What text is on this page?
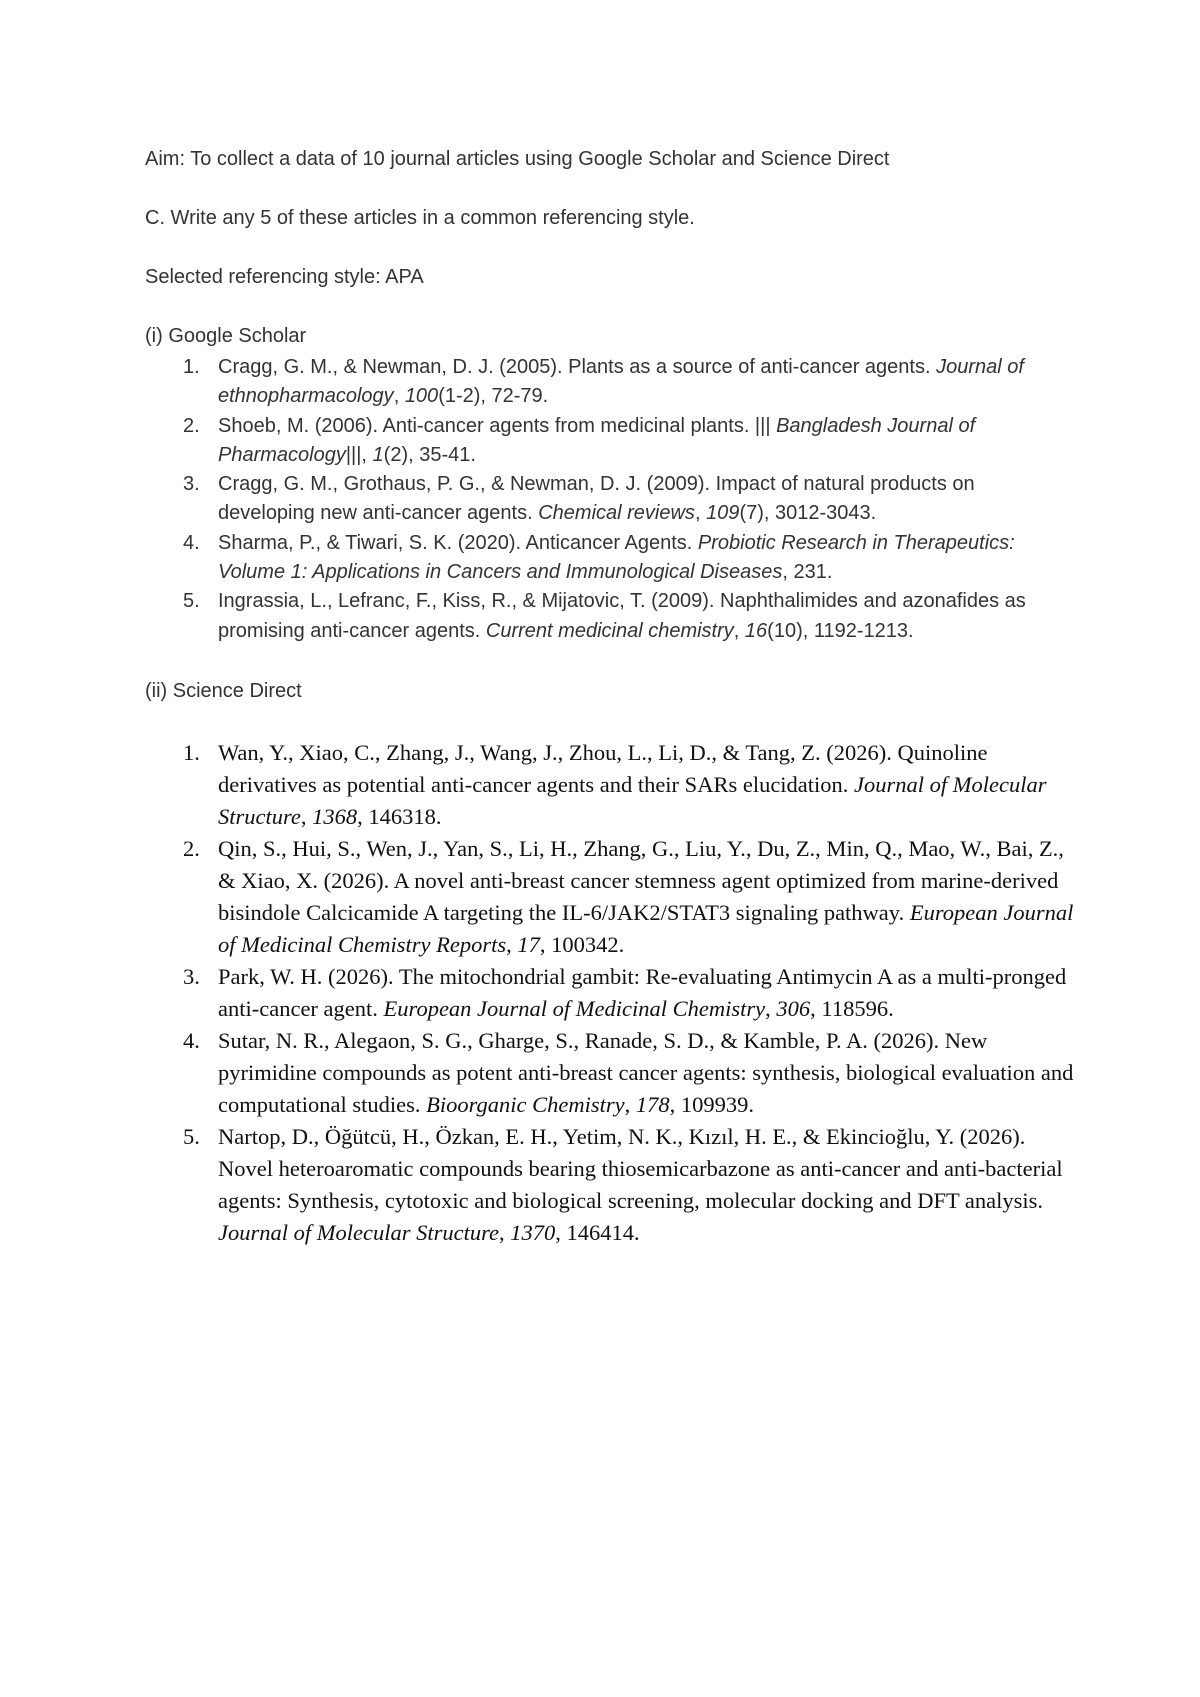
Aim: To collect a data of 10 journal articles using Google Scholar and Science Direct

C. Write any 5 of these articles in a common referencing style.

Selected referencing style: APA

(i) Google Scholar

1. Cragg, G. M., & Newman, D. J. (2005). Plants as a source of anti-cancer agents. Journal of ethnopharmacology, 100(1-2), 72-79.
2. Shoeb, M. (2006). Anti-cancer agents from medicinal plants. ||| Bangladesh Journal of Pharmacology|||, 1(2), 35-41.
3. Cragg, G. M., Grothaus, P. G., & Newman, D. J. (2009). Impact of natural products on developing new anti-cancer agents. Chemical reviews, 109(7), 3012-3043.
4. Sharma, P., & Tiwari, S. K. (2020). Anticancer Agents. Probiotic Research in Therapeutics: Volume 1: Applications in Cancers and Immunological Diseases, 231.
5. Ingrassia, L., Lefranc, F., Kiss, R., & Mijatovic, T. (2009). Naphthalimides and azonafides as promising anti-cancer agents. Current medicinal chemistry, 16(10), 1192-1213.

(ii) Science Direct

1. Wan, Y., Xiao, C., Zhang, J., Wang, J., Zhou, L., Li, D., & Tang, Z. (2026). Quinoline derivatives as potential anti-cancer agents and their SARs elucidation. Journal of Molecular Structure, 1368, 146318.
2. Qin, S., Hui, S., Wen, J., Yan, S., Li, H., Zhang, G., Liu, Y., Du, Z., Min, Q., Mao, W., Bai, Z., & Xiao, X. (2026). A novel anti-breast cancer stemness agent optimized from marine-derived bisindole Calcicamide A targeting the IL-6/JAK2/STAT3 signaling pathway. European Journal of Medicinal Chemistry Reports, 17, 100342.
3. Park, W. H. (2026). The mitochondrial gambit: Re-evaluating Antimycin A as a multi-pronged anti-cancer agent. European Journal of Medicinal Chemistry, 306, 118596.
4. Sutar, N. R., Alegaon, S. G., Gharge, S., Ranade, S. D., & Kamble, P. A. (2026). New pyrimidine compounds as potent anti-breast cancer agents: synthesis, biological evaluation and computational studies. Bioorganic Chemistry, 178, 109939.
5. Nartop, D., Öğütcü, H., Özkan, E. H., Yetim, N. K., Kızıl, H. E., & Ekincioğlu, Y. (2026). Novel heteroaromatic compounds bearing thiosemicarbazone as anti-cancer and anti-bacterial agents: Synthesis, cytotoxic and biological screening, molecular docking and DFT analysis. Journal of Molecular Structure, 1370, 146414.
